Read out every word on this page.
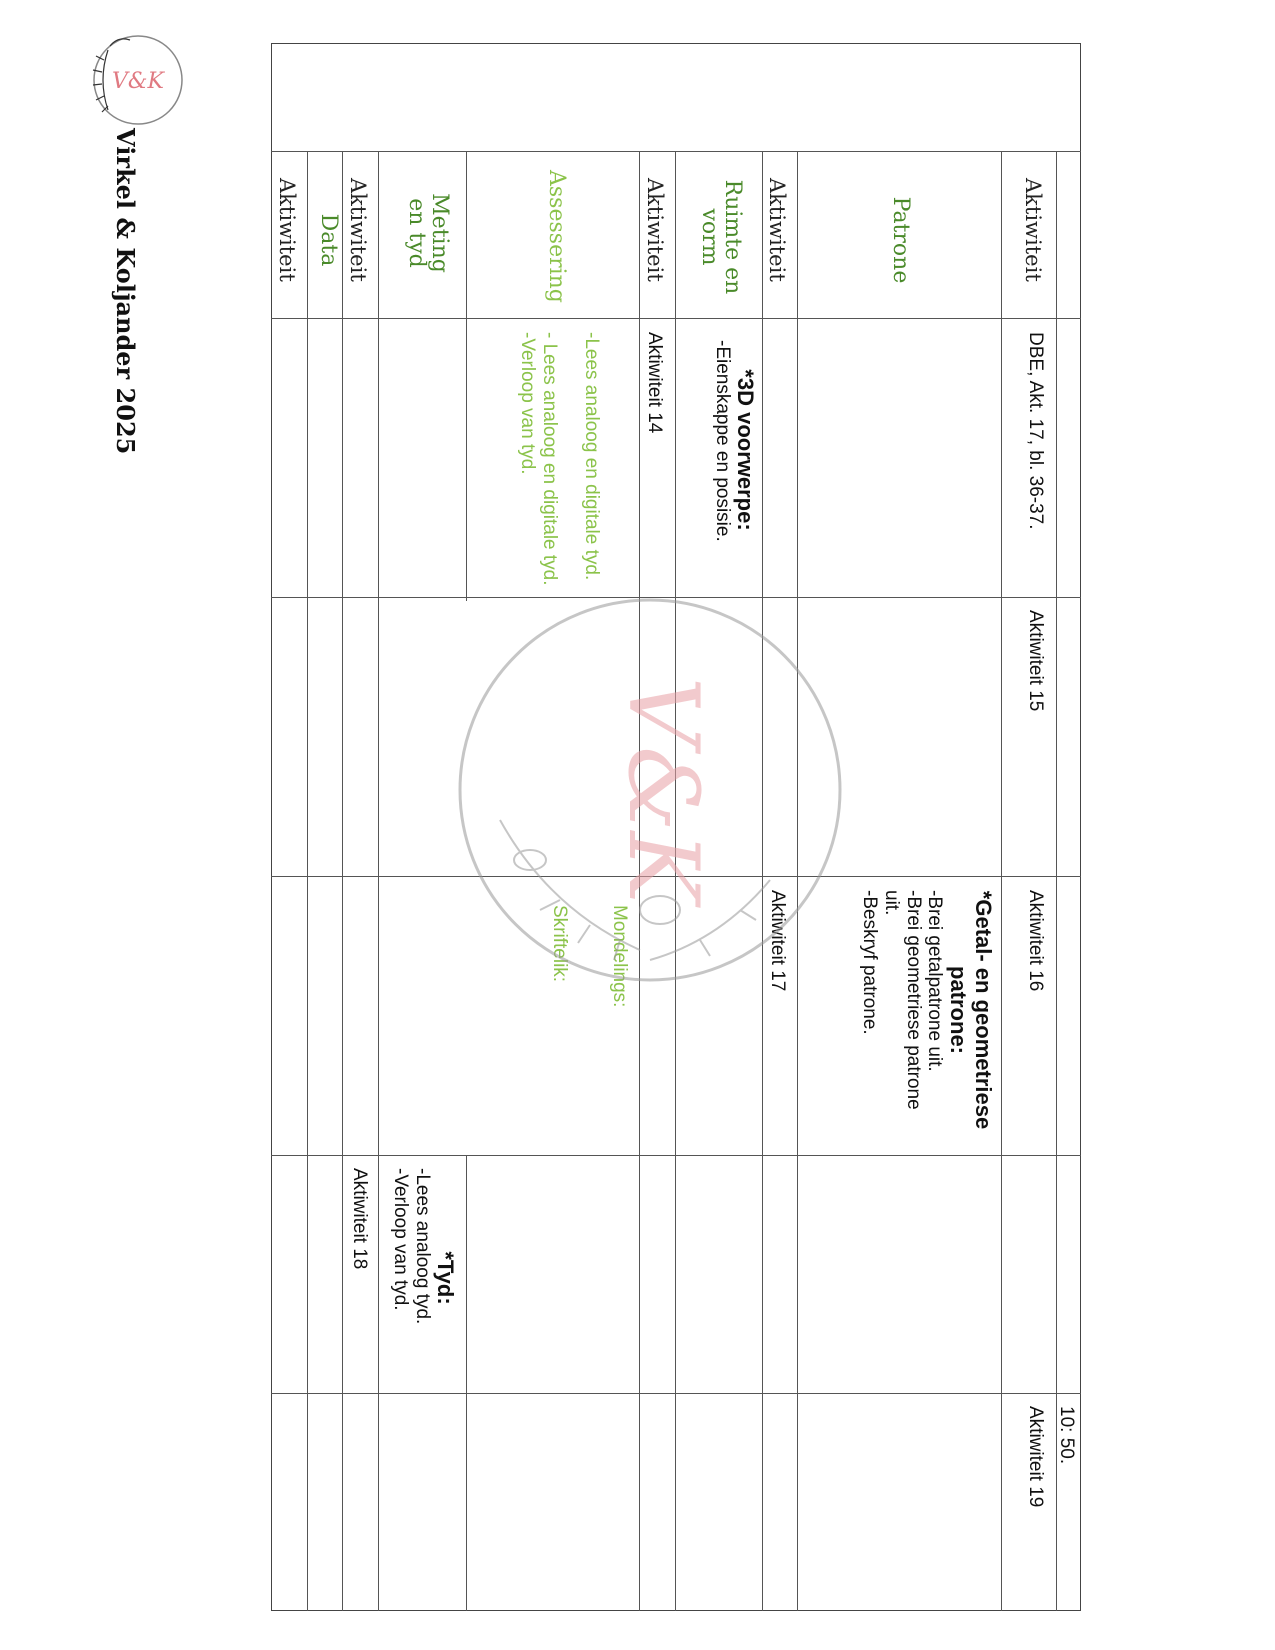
V&K
Virkel & Koljander 2025	Aktiwiteit
Patrone
Aktiwiteit
Ruimte en vorm
Aktiwiteit
Assessering
Meting en tyd
Aktiwiteit
Data
Aktiwiteit
DBE, Akt. 17, bl. 36-37.
*3D voorwerpe:
-Eienskappe en posisie.
Aktiwiteit 14
-Lees analoog en digitale tyd.
- Lees analoog en digitale tyd.
-Verloop van tyd.
Aktiwiteit 15
Aktiwiteit 16
*Getal- en geometriese patrone:
-Brei getalpatrone uit.
-Brei geometriese patrone uit.
-Beskryf patrone.
Aktiwiteit 17
Mondelings:
Skriftelik:
*Tyd:
-Lees analoog tyd.
-Verloop van tyd.
Aktiwiteit 18
10: 50.
Aktiwiteit 19
V&K
